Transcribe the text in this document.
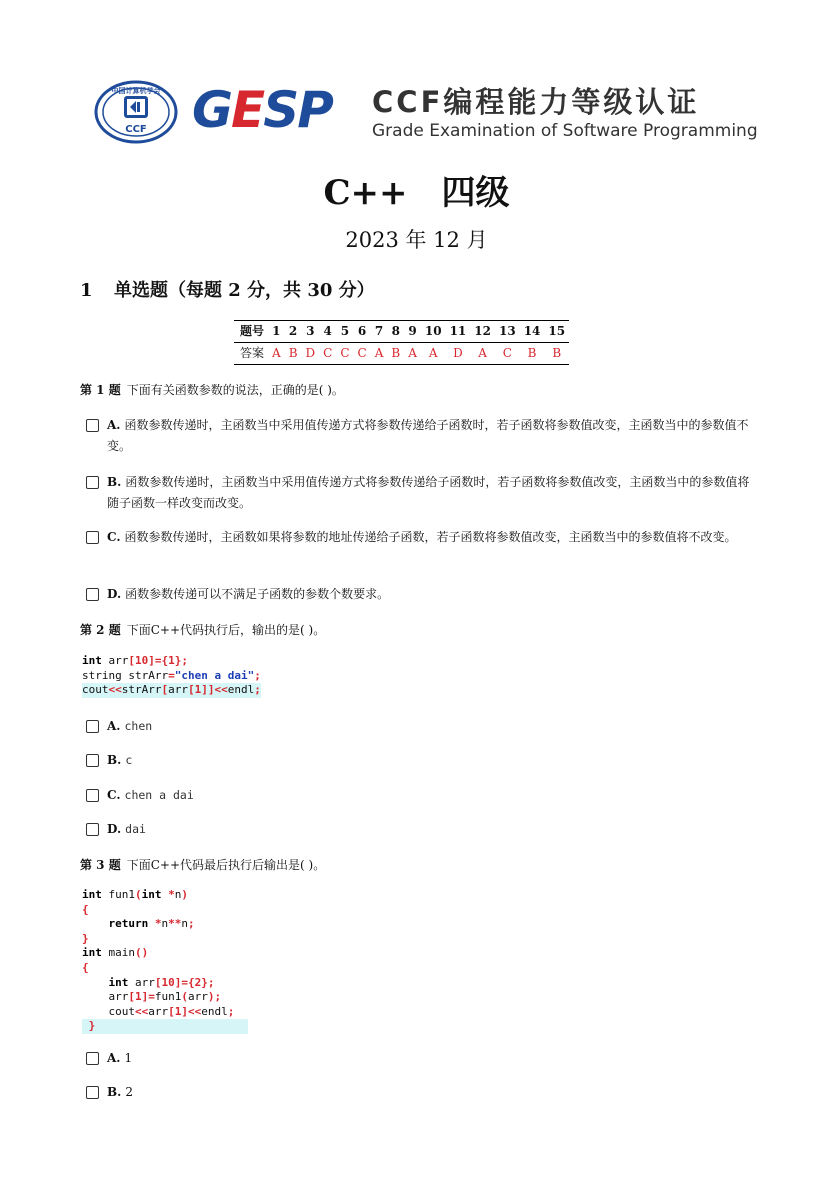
中国计算机学会
CCF GESP CCF编程能力等级认证
Grade Examination of Software Programming
C++　四级
2023 年 12 月
1 单选题（每题 2 分，共 30 分）
题号	1	2	3	4	5	6	7	8	9	10	11	12	13	14	15
答案	A	B	D	C	C	C	A	B	A	A	D	A	C	B	B
第 1 题 下面有关函数参数的说法，正确的是( )。
A. 函数参数传递时，主函数当中采用值传递方式将参数传递给子函数时，若子函数将参数值改变，主函数当中的参数值不变。
B. 函数参数传递时，主函数当中采用值传递方式将参数传递给子函数时，若子函数将参数值改变，主函数当中的参数值将随子函数一样改变而改变。
C. 函数参数传递时，主函数如果将参数的地址传递给子函数，若子函数将参数值改变，主函数当中的参数值将不改变。
D. 函数参数传递可以不满足子函数的参数个数要求。
第 2 题 下面C++代码执行后，输出的是( )。
int arr[10]={1};
string strArr="chen a dai";
cout<<strArr[arr[1]]<<endl;
A. chen
B. c
C. chen a dai
D. dai
第 3 题 下面C++代码最后执行后输出是( )。
int fun1(int *n)
{
return *n**n;
}
int main()
{
int arr[10]={2};
arr[1]=fun1(arr);
cout<<arr[1]<<endl;
}
A. 1
B. 2
